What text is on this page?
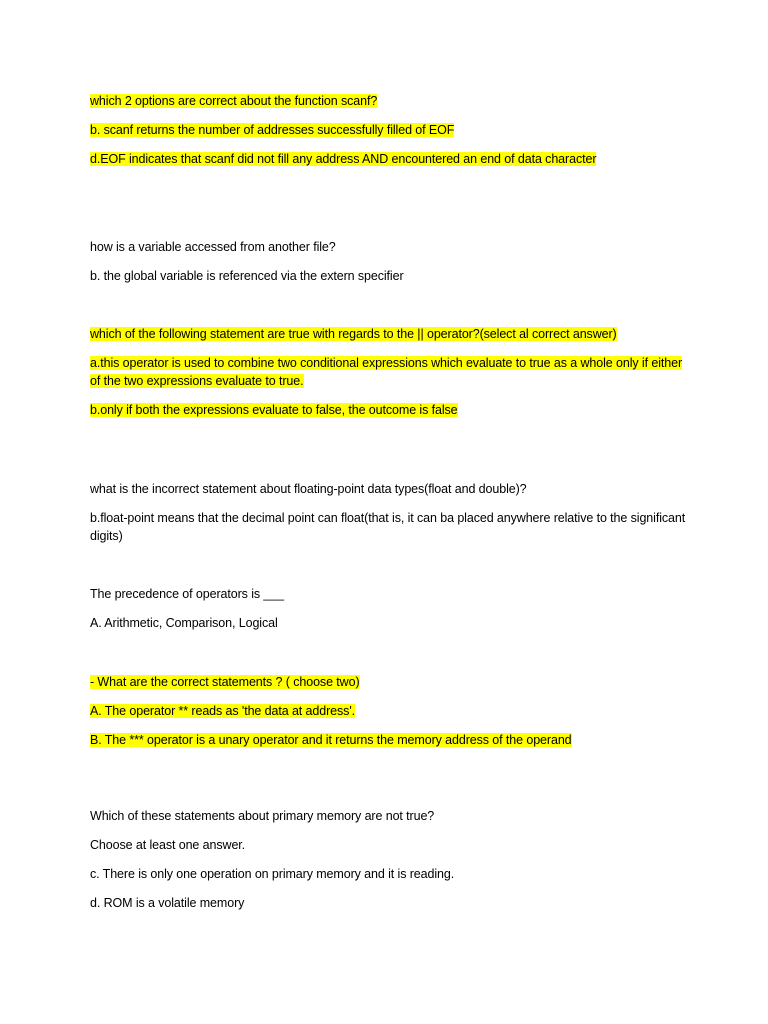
which 2 options are correct about the function scanf?

b. scanf returns the number of addresses successfully filled of EOF

d.EOF indicates that scanf did not fill any address AND encountered an end of data character

how is a variable accessed from another file?

b. the global variable is referenced via the extern specifier

which of the following statement are true with regards to the || operator?(select al correct answer)

a.this operator is used to combine two conditional expressions which evaluate to true as a whole only if either of the two expressions evaluate to true.

b.only if both the expressions evaluate to false, the outcome is false

what is the incorrect statement about floating-point data types(float and double)?

b.float-point means that the decimal point can float(that is, it can ba placed anywhere relative to the significant digits)

The precedence of operators is ___

A. Arithmetic, Comparison, Logical

- What are the correct statements ? ( choose two)

A. The operator ** reads as 'the data at address'.

B. The *** operator is a unary operator and it returns the memory address of the operand

Which of these statements about primary memory are not true?

Choose at least one answer.

c. There is only one operation on primary memory and it is reading.

d. ROM is a volatile memory
